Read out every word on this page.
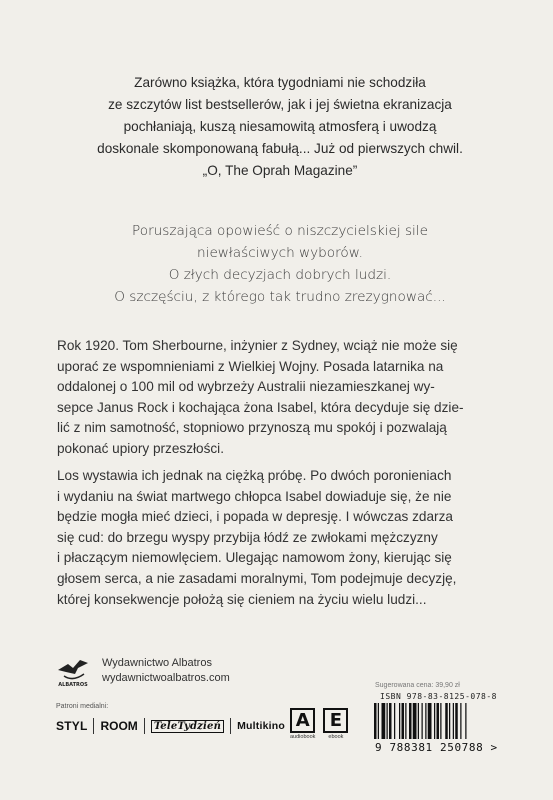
Zarówno książka, która tygodniami nie schodziła
ze szczytów list bestsellerów, jak i jej świetna ekranizacja
pochłaniają, kuszą niesamowitą atmosferą i uwodzą
doskonale skomponowaną fabułą... Już od pierwszych chwil.
„O, The Oprah Magazine”
Poruszająca opowieść o niszczycielskiej sile
niewłaściwych wyborów.
O złych decyzjach dobrych ludzi.
O szczęściu, z którego tak trudno zrezygnować...
Rok 1920. Tom Sherbourne, inżynier z Sydney, wciąż nie może się
uporać ze wspomnieniami z Wielkiej Wojny. Posada latarnika na
oddalonej o 100 mil od wybrzeży Australii niezamieszkanej wy-
sepce Janus Rock i kochająca żona Isabel, która decyduje się dzie-
lić z nim samotność, stopniowo przynoszą mu spokój i pozwalają
pokonać upiory przeszłości.
Los wystawia ich jednak na ciężką próbę. Po dwóch poronieniach
i wydaniu na świat martwego chłopca Isabel dowiaduje się, że nie
będzie mogła mieć dzieci, i popada w depresję. I wówczas zdarza
się cud: do brzegu wyspy przybija łódź ze zwłokami mężczyzny
i płaczącym niemowlęciem. Ulegając namowom żony, kierując się
głosem serca, a nie zasadami moralnymi, Tom podejmuje decyzję,
której konsekwencje położą się cieniem na życiu wielu ludzi...
ALBATROS
Wydawnictwo Albatros
wydawnictwoalbatros.com
Patroni medialni:
STYL ROOM	TeleTydzień Multikino A
audiobook
E
ebook
Sugerowana cena: 39,90 zł
ISBN 978-83-8125-078-8
9 788381 250788 >
